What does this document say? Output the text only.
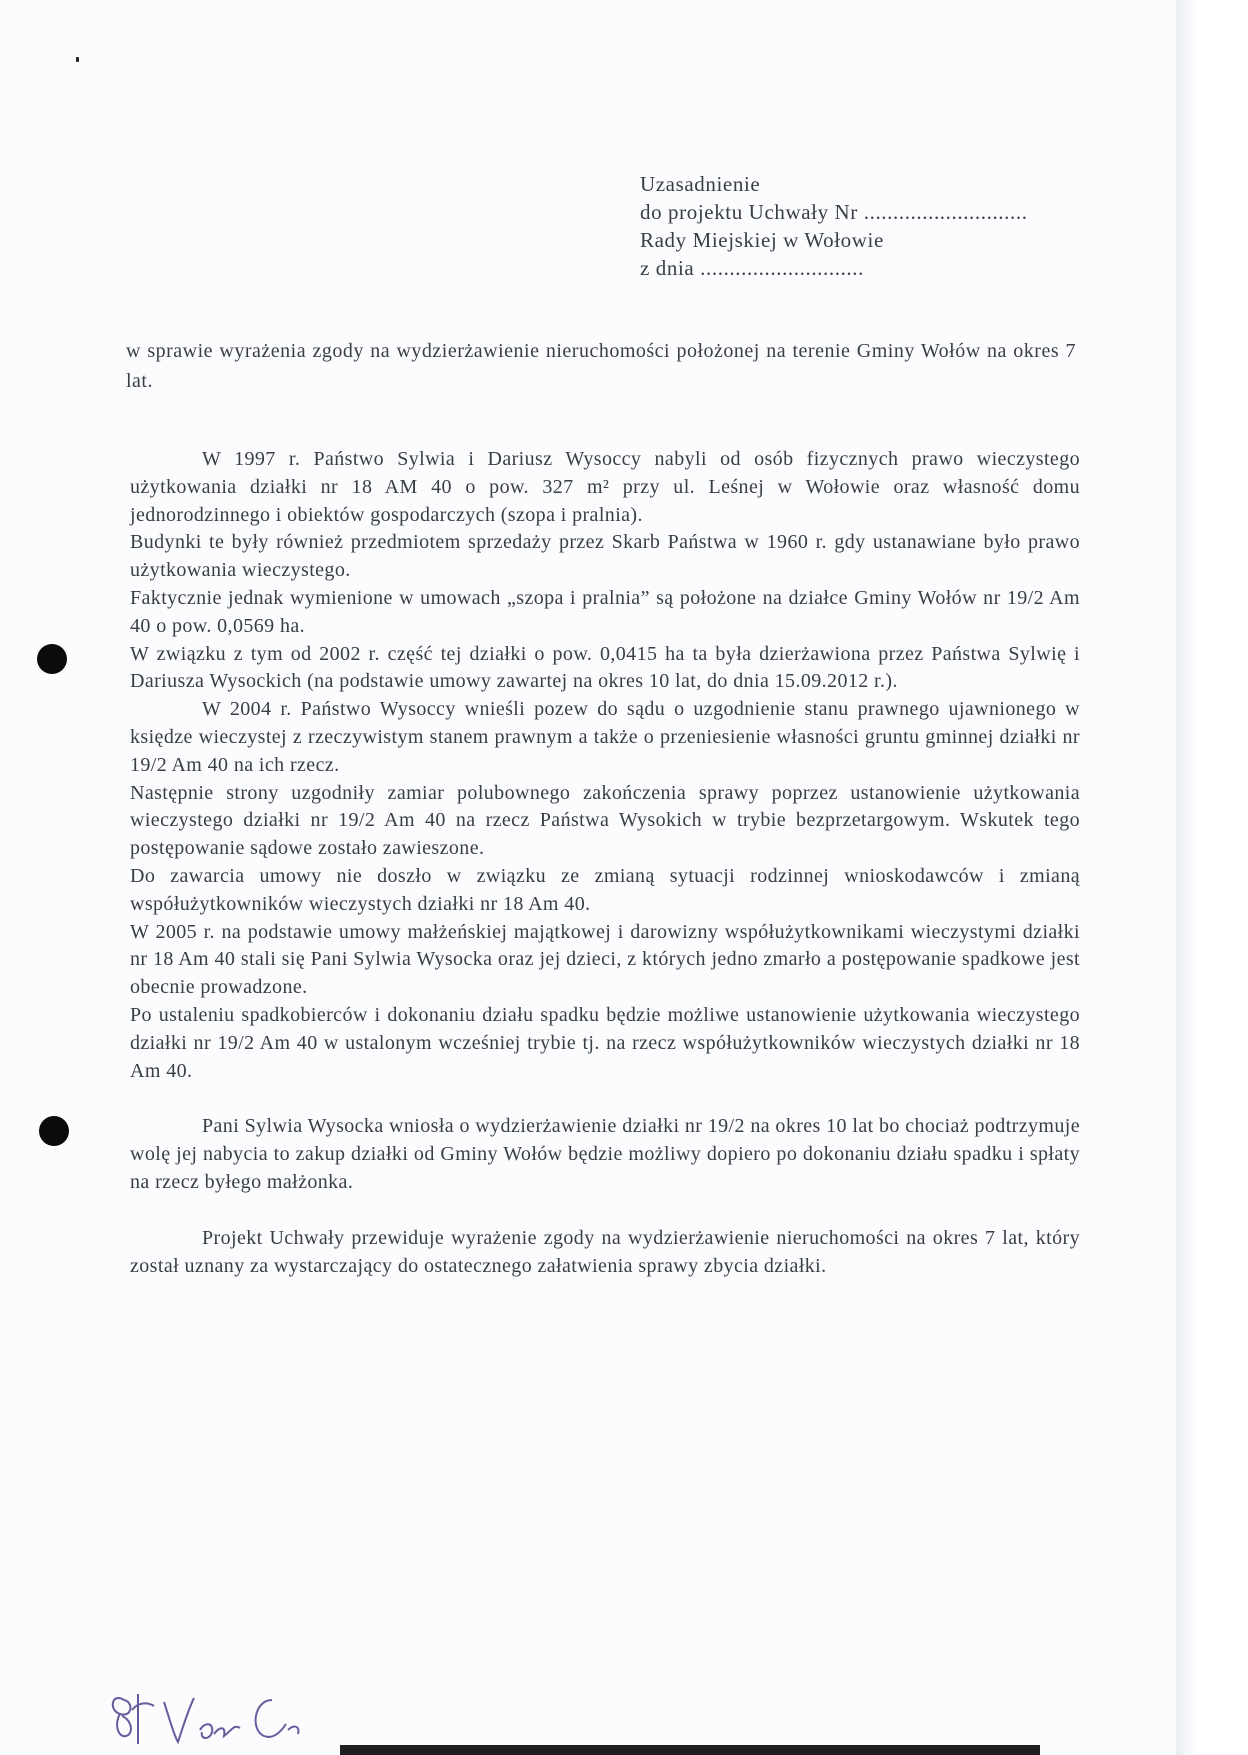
Uzasadnienie
do projektu Uchwały Nr ............................
Rady Miejskiej w Wołowie
z dnia ............................
w sprawie wyrażenia zgody na wydzierżawienie nieruchomości położonej na terenie Gminy Wołów na okres 7 lat.

W 1997 r. Państwo Sylwia i Dariusz Wysoccy nabyli od osób fizycznych prawo wieczystego użytkowania działki nr 18 AM 40 o pow. 327 m² przy ul. Leśnej w Wołowie oraz własność domu jednorodzinnego i obiektów gospodarczych (szopa i pralnia).

Budynki te były również przedmiotem sprzedaży przez Skarb Państwa w 1960 r. gdy ustanawiane było prawo użytkowania wieczystego.

Faktycznie jednak wymienione w umowach „szopa i pralnia” są położone na działce Gminy Wołów nr 19/2 Am 40 o pow. 0,0569 ha.

W związku z tym od 2002 r. część tej działki o pow. 0,0415 ha ta była dzierżawiona przez Państwa Sylwię i Dariusza Wysockich (na podstawie umowy zawartej na okres 10 lat, do dnia 15.09.2012 r.).

W 2004 r. Państwo Wysoccy wnieśli pozew do sądu o uzgodnienie stanu prawnego ujawnionego w księdze wieczystej z rzeczywistym stanem prawnym a także o przeniesienie własności gruntu gminnej działki nr 19/2 Am 40 na ich rzecz.

Następnie strony uzgodniły zamiar polubownego zakończenia sprawy poprzez ustanowienie użytkowania wieczystego działki nr 19/2 Am 40 na rzecz Państwa Wysokich w trybie bezprzetargowym. Wskutek tego postępowanie sądowe zostało zawieszone.

Do zawarcia umowy nie doszło w związku ze zmianą sytuacji rodzinnej wnioskodawców i zmianą współużytkowników wieczystych działki nr 18 Am 40.

W 2005 r. na podstawie umowy małżeńskiej majątkowej i darowizny współużytkownikami wieczystymi działki nr 18 Am 40 stali się Pani Sylwia Wysocka oraz jej dzieci, z których jedno zmarło a postępowanie spadkowe jest obecnie prowadzone.

Po ustaleniu spadkobierców i dokonaniu działu spadku będzie możliwe ustanowienie użytkowania wieczystego działki nr 19/2 Am 40 w ustalonym wcześniej trybie tj. na rzecz współużytkowników wieczystych działki nr 18 Am 40.

Pani Sylwia Wysocka wniosła o wydzierżawienie działki nr 19/2 na okres 10 lat bo chociaż podtrzymuje wolę jej nabycia to zakup działki od Gminy Wołów będzie możliwy dopiero po dokonaniu działu spadku i spłaty na rzecz byłego małżonka.

Projekt Uchwały przewiduje wyrażenie zgody na wydzierżawienie nieruchomości na okres 7 lat, który został uznany za wystarczający do ostatecznego załatwienia sprawy zbycia działki.
